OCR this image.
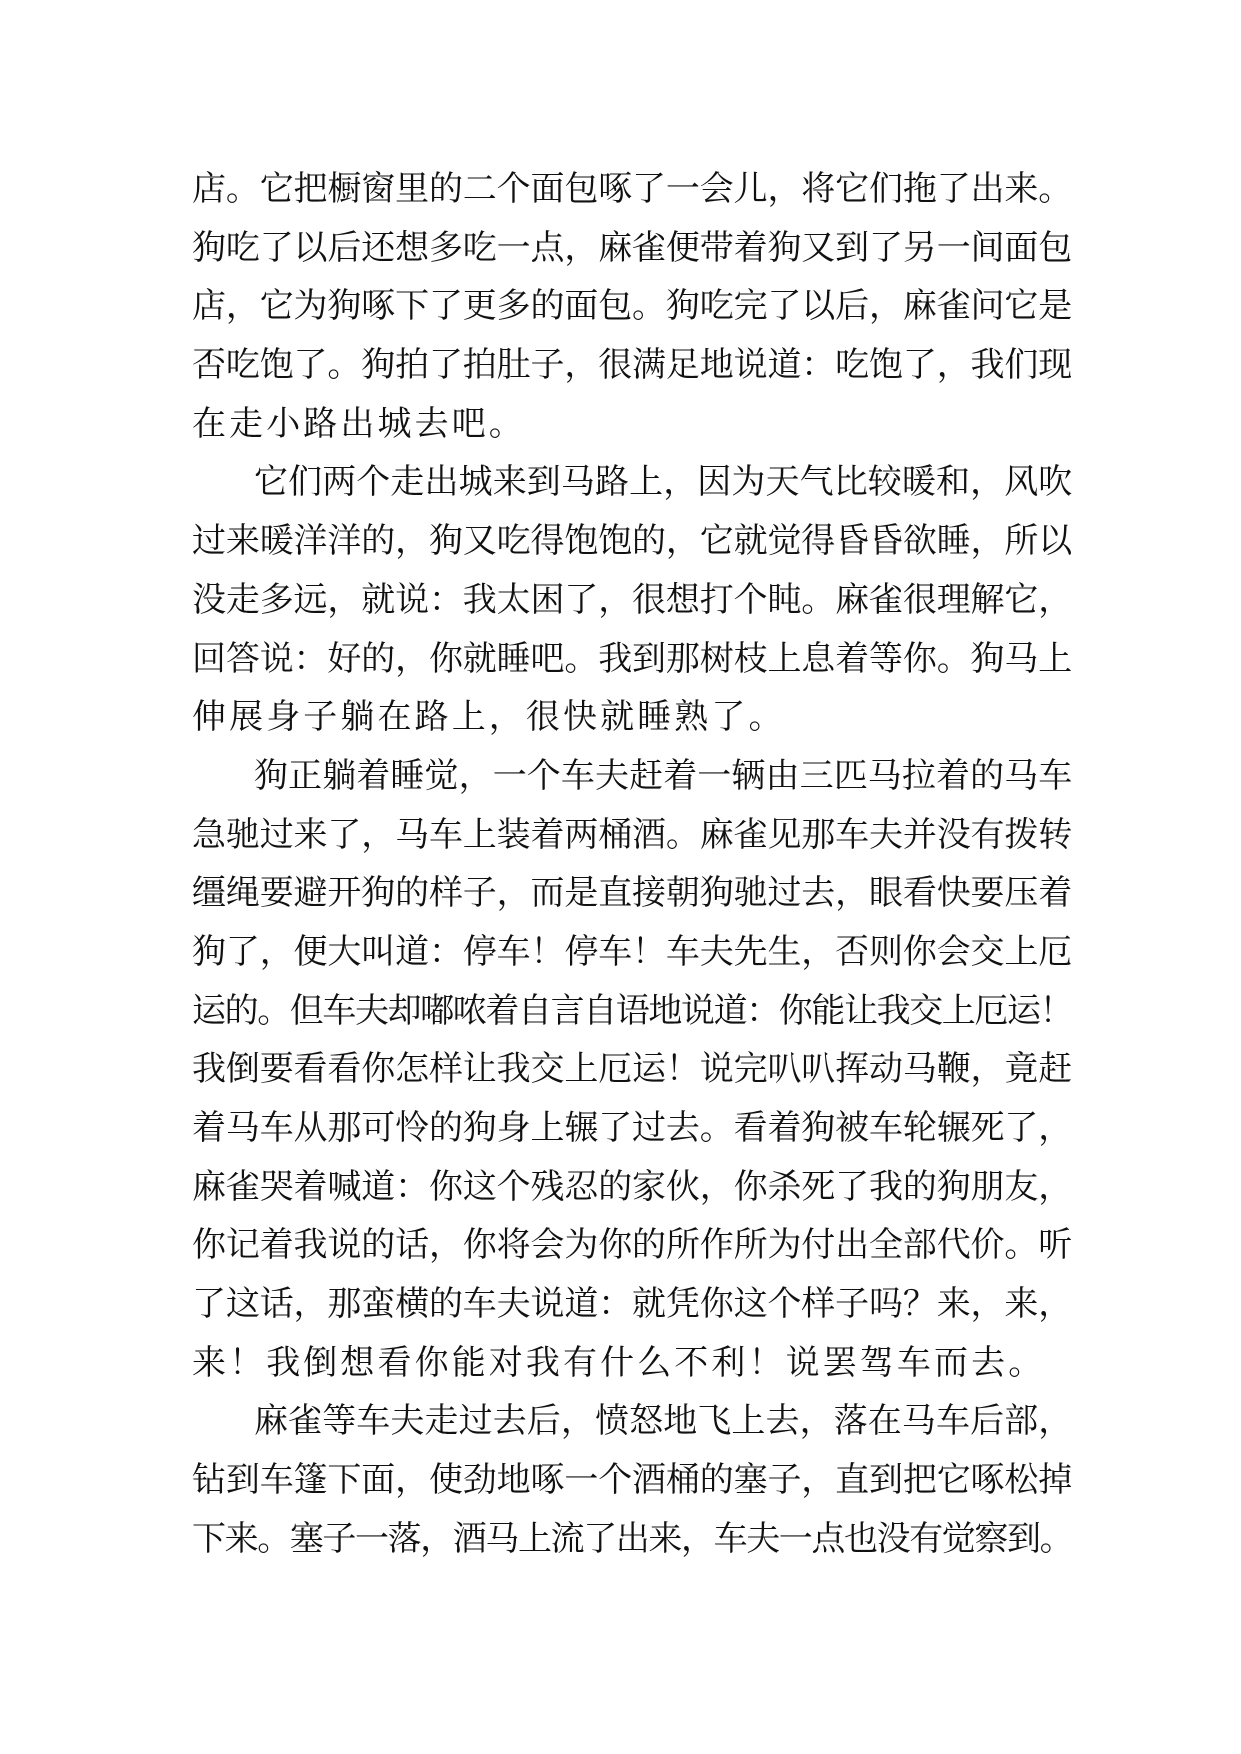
店。它把橱窗里的二个面包啄了一会儿，将它们拖了出来。
狗吃了以后还想多吃一点，麻雀便带着狗又到了另一间面包
店，它为狗啄下了更多的面包。狗吃完了以后，麻雀问它是
否吃饱了。狗拍了拍肚子，很满足地说道：吃饱了，我们现
在走小路出城去吧。
它们两个走出城来到马路上，因为天气比较暖和，风吹
过来暖洋洋的，狗又吃得饱饱的，它就觉得昏昏欲睡，所以
没走多远，就说：我太困了，很想打个盹。麻雀很理解它，
回答说：好的，你就睡吧。我到那树枝上息着等你。狗马上
伸展身子躺在路上，很快就睡熟了。
狗正躺着睡觉，一个车夫赶着一辆由三匹马拉着的马车
急驰过来了，马车上装着两桶酒。麻雀见那车夫并没有拨转
缰绳要避开狗的样子，而是直接朝狗驰过去，眼看快要压着
狗了，便大叫道：停车！停车！车夫先生，否则你会交上厄
运的。但车夫却嘟哝着自言自语地说道：你能让我交上厄运！
我倒要看看你怎样让我交上厄运！说完叭叭挥动马鞭，竟赶
着马车从那可怜的狗身上辗了过去。看着狗被车轮辗死了，
麻雀哭着喊道：你这个残忍的家伙，你杀死了我的狗朋友，
你记着我说的话，你将会为你的所作所为付出全部代价。听
了这话，那蛮横的车夫说道：就凭你这个样子吗？来，来，
来！我倒想看你能对我有什么不利！说罢驾车而去。
麻雀等车夫走过去后，愤怒地飞上去，落在马车后部，
钻到车篷下面，使劲地啄一个酒桶的塞子，直到把它啄松掉
下来。塞子一落，酒马上流了出来，车夫一点也没有觉察到。
